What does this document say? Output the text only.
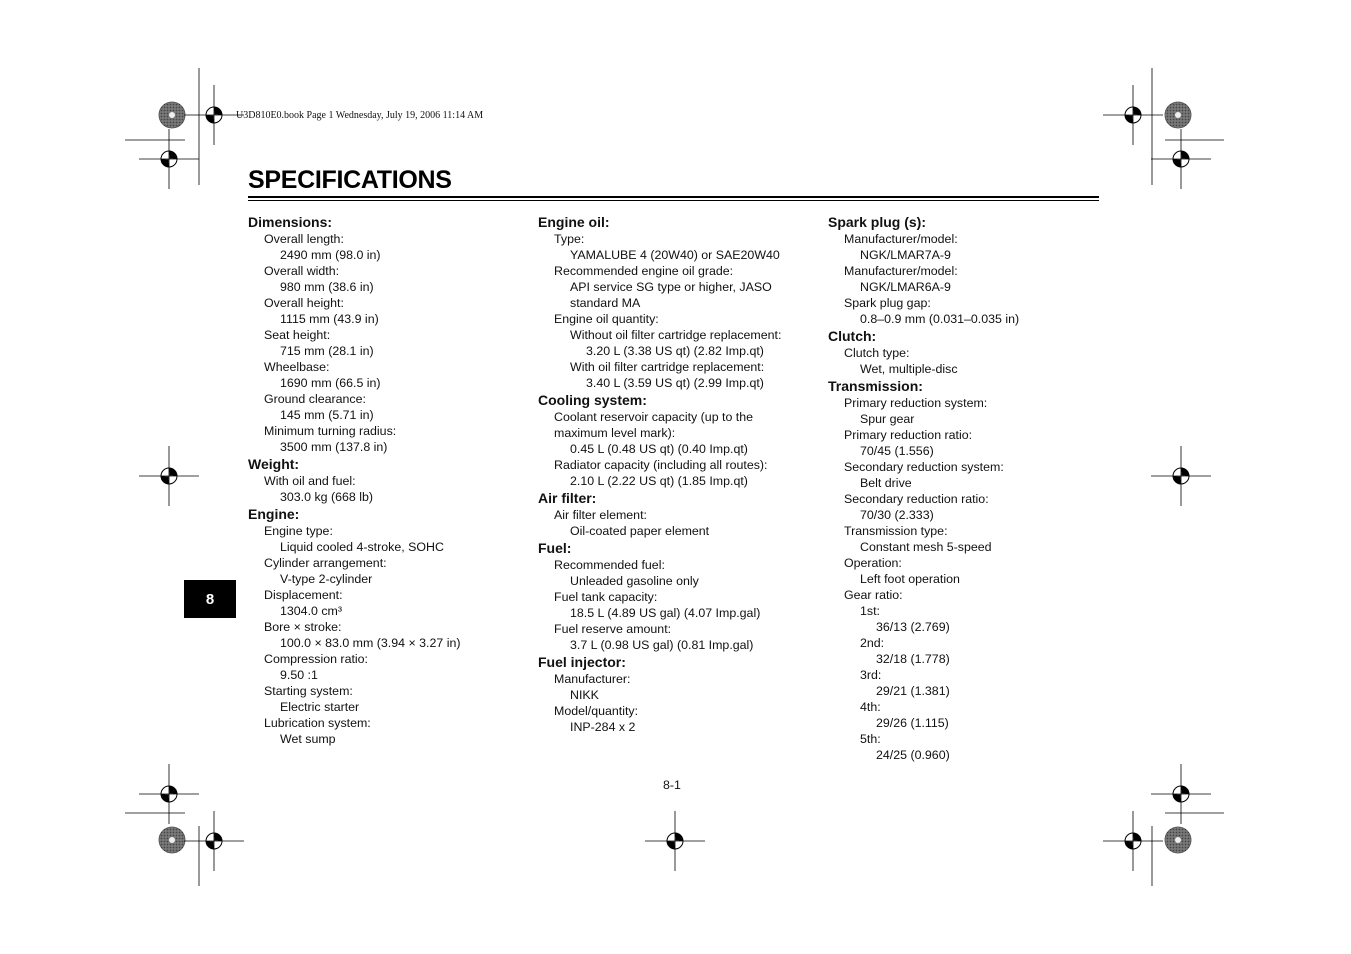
U3D810E0.book Page 1 Wednesday, July 19, 2006 11:14 AM
SPECIFICATIONS
8
Dimensions:
Overall length:
2490 mm (98.0 in)
Overall width:
980 mm (38.6 in)
Overall height:
1115 mm (43.9 in)
Seat height:
715 mm (28.1 in)
Wheelbase:
1690 mm (66.5 in)
Ground clearance:
145 mm (5.71 in)
Minimum turning radius:
3500 mm (137.8 in)
Weight:
With oil and fuel:
303.0 kg (668 lb)
Engine:
Engine type:
Liquid cooled 4-stroke, SOHC
Cylinder arrangement:
V-type 2-cylinder
Displacement:
1304.0 cm³
Bore × stroke:
100.0 × 83.0 mm (3.94 × 3.27 in)
Compression ratio:
9.50 :1
Starting system:
Electric starter
Lubrication system:
Wet sump
Engine oil:
Type:
YAMALUBE 4 (20W40) or SAE20W40
Recommended engine oil grade:
API service SG type or higher, JASO
standard MA
Engine oil quantity:
Without oil filter cartridge replacement:
3.20 L (3.38 US qt) (2.82 Imp.qt)
With oil filter cartridge replacement:
3.40 L (3.59 US qt) (2.99 Imp.qt)
Cooling system:
Coolant reservoir capacity (up to the
maximum level mark):
0.45 L (0.48 US qt) (0.40 Imp.qt)
Radiator capacity (including all routes):
2.10 L (2.22 US qt) (1.85 Imp.qt)
Air filter:
Air filter element:
Oil-coated paper element
Fuel:
Recommended fuel:
Unleaded gasoline only
Fuel tank capacity:
18.5 L (4.89 US gal) (4.07 Imp.gal)
Fuel reserve amount:
3.7 L (0.98 US gal) (0.81 Imp.gal)
Fuel injector:
Manufacturer:
NIKK
Model/quantity:
INP-284 x 2
Spark plug (s):
Manufacturer/model:
NGK/LMAR7A-9
Manufacturer/model:
NGK/LMAR6A-9
Spark plug gap:
0.8–0.9 mm (0.031–0.035 in)
Clutch:
Clutch type:
Wet, multiple-disc
Transmission:
Primary reduction system:
Spur gear
Primary reduction ratio:
70/45 (1.556)
Secondary reduction system:
Belt drive
Secondary reduction ratio:
70/30 (2.333)
Transmission type:
Constant mesh 5-speed
Operation:
Left foot operation
Gear ratio:
1st:
36/13 (2.769)
2nd:
32/18 (1.778)
3rd:
29/21 (1.381)
4th:
29/26 (1.115)
5th:
24/25 (0.960)
8-1
